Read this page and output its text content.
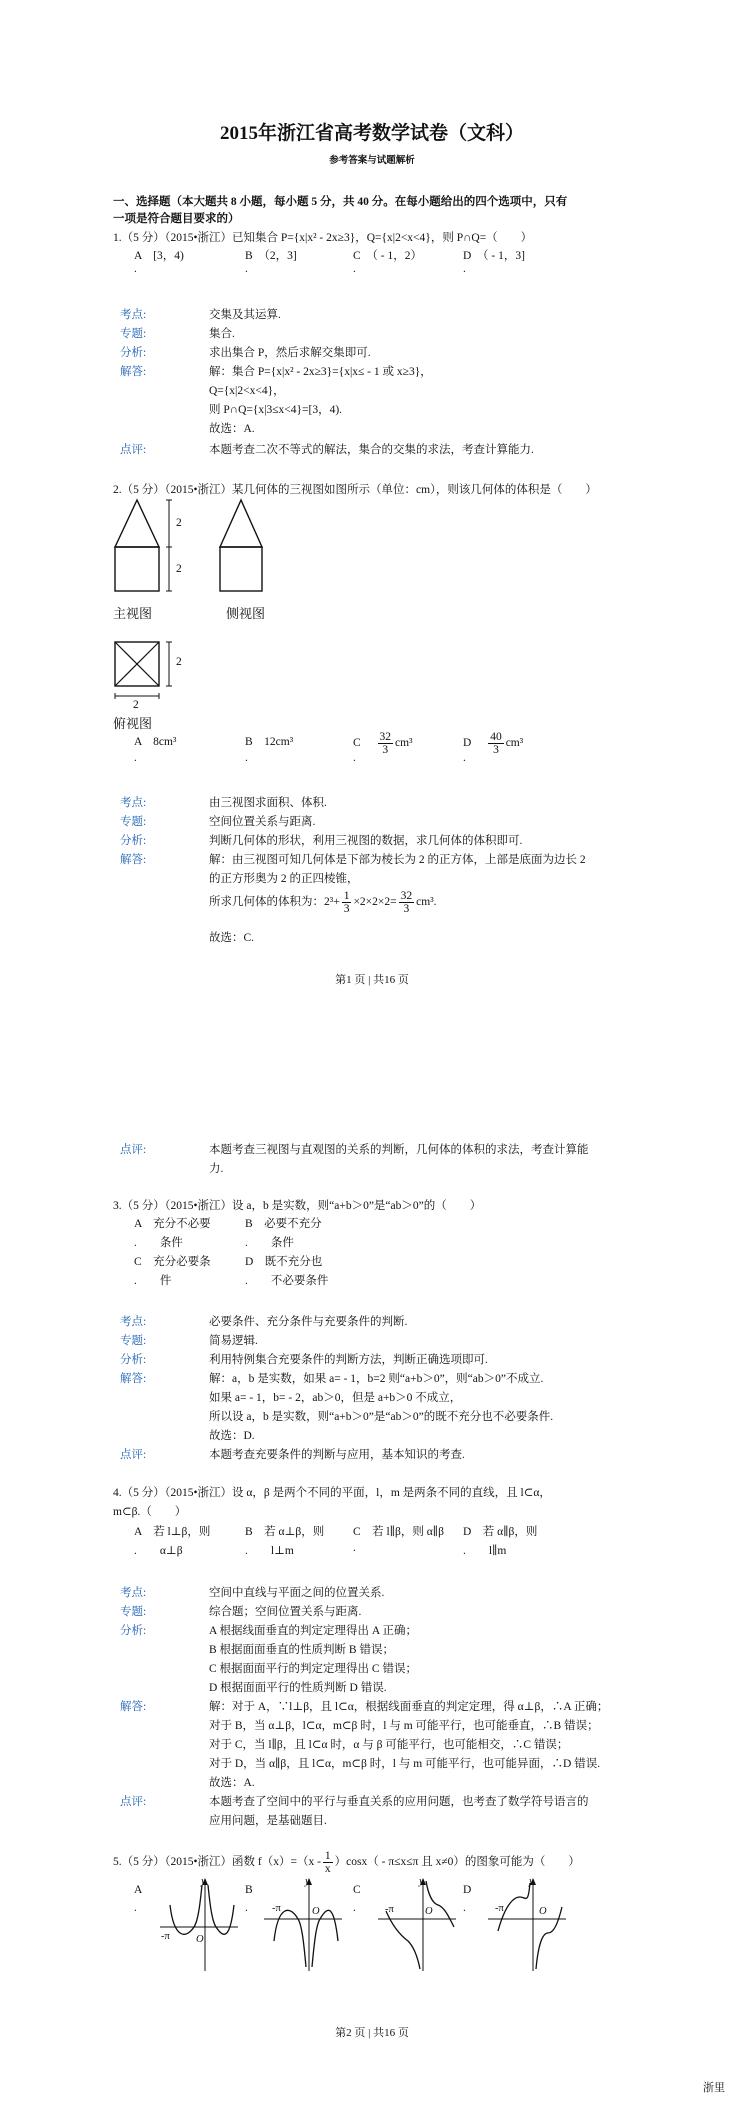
2015年浙江省高考数学试卷（文科）
参考答案与试题解析
一、选择题（本大题共 8 小题，每小题 5 分，共 40 分。在每小题给出的四个选项中，只有
一项是符合题目要求的）
1.（5 分）（2015•浙江）已知集合 P={x|x² - 2x≥3}，Q={x|2<x<4}，则 P∩Q=（　　）
A　[3，4)	B　（2，3]	C　（ - 1，2）	D　（ - 1，3]
.	.	.	.
考点:	交集及其运算.
专题:	集合.
分析:	求出集合 P，然后求解交集即可.
解答:	解：集合 P={x|x² - 2x≥3}={x|x≤ - 1 或 x≥3}，
Q={x|2<x<4}，
则 P∩Q={x|3≤x<4}=[3，4).
故选：A.
点评:	本题考查二次不等式的解法，集合的交集的求法，考查计算能力.
2.（5 分）（2015•浙江）某几何体的三视图如图所示（单位：cm），则该几何体的体积是（　　）
2
2
主视图	侧视图
2
2
俯视图
A　8cm³	B　12cm³	C $\frac{32}{3} cm^3$	D $\frac{40}{3} cm^3$
.	.	.	.
考点:	由三视图求面积、体积.
专题:	空间位置关系与距离.
分析:	判断几何体的形状，利用三视图的数据，求几何体的体积即可.
解答:	解：由三视图可知几何体是下部为棱长为 2 的正方体，上部是底面为边长 2
的正方形奥为 2 的正四棱锥，
所求几何体的体积为：$2^3+ \frac{1}{3} \times 2\times 2\times 2= \frac{32}{3} cm^3$.
故选：C.
第1 页 | 共16 页
点评:	本题考查三视图与直观图的关系的判断，几何体的体积的求法，考查计算能
力.
3.（5 分）（2015•浙江）设 a，b 是实数，则“a+b＞0”是“ab＞0”的（　　）
A　充分不必要
.　　条件
B　必要不充分
.　　条件
C　充分必要条
.　　件
D　既不充分也
.　　不必要条件
考点:	必要条件、充分条件与充要条件的判断.
专题:	简易逻辑.
分析:	利用特例集合充要条件的判断方法，判断正确选项即可.
解答:	解：a，b 是实数，如果 a= - 1，b=2 则“a+b＞0”，则“ab＞0”不成立.
如果 a= - 1，b= - 2，ab＞0，但是 a+b＞0 不成立，
所以设 a，b 是实数，则“a+b＞0”是“ab＞0”的既不充分也不必要条件.
故选：D.
点评:	本题考查充要条件的判断与应用，基本知识的考查.
4.（5 分）（2015•浙江）设 α，β 是两个不同的平面，l，m 是两条不同的直线，且 l⊂α，
m⊂β.（　　）
A　若 l⊥β，则
.　　α⊥β
B　若 α⊥β，则
.　　l⊥m
C　若 l∥β，则 α∥β
.
D　若 α∥β，则
.　　l∥m
考点:	空间中直线与平面之间的位置关系.
专题:	综合题；空间位置关系与距离.
分析:	A 根据线面垂直的判定定理得出 A 正确；
B 根据面面垂直的性质判断 B 错误；
C 根据面面平行的判定定理得出 C 错误；
D 根据面面平行的性质判断 D 错误.
解答:	解：对于 A，∵l⊥β，且 l⊂α，根据线面垂直的判定定理，得 α⊥β，∴A 正确；
对于 B，当 α⊥β，l⊂α，m⊂β 时，l 与 m 可能平行，也可能垂直，∴B 错误；
对于 C，当 l∥β，且 l⊂α 时，α 与 β 可能平行，也可能相交，∴C 错误；
对于 D，当 α∥β，且 l⊂α，m⊂β 时，l 与 m 可能平行，也可能异面，∴D 错误.
故选：A.
点评:	本题考查了空间中的平行与垂直关系的应用问题，也考查了数学符号语言的
应用问题，是基础题目.
5.（5 分）（2015•浙江）函数 $f(x)=(x - \frac{1}{x} )\cos x( - \pi\le x\le\pi$ 且 x≠0）的图象可能为（　　）
A
.
B
.
C
.
D
.
y
-π O
y
-π	O
y
-π	O
y
-π	O
第2 页 | 共16 页
浙里
